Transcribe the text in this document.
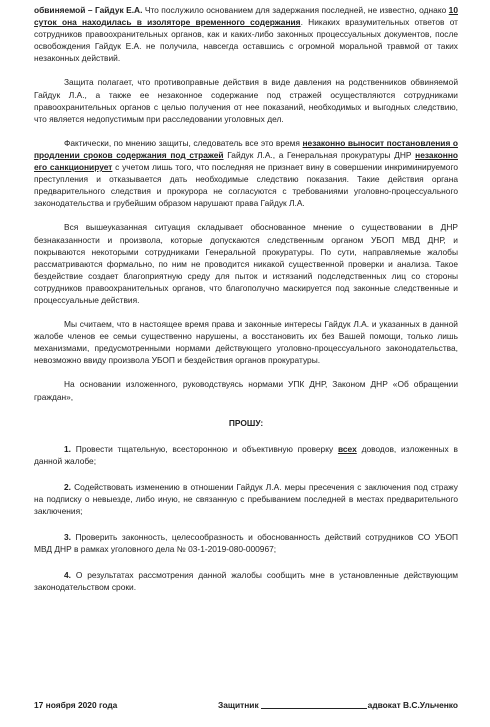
обвиняемой – Гайдук Е.А. Что послужило основанием для задержания последней, не известно, однако 10 суток она находилась в изоляторе временного содержания. Никаких вразумительных ответов от сотрудников правоохранительных органов, как и каких-либо законных процессуальных документов, после освобождения Гайдук Е.А. не получила, навсегда оставшись с огромной моральной травмой от таких незаконных действий.

Защита полагает, что противоправные действия в виде давления на родственников обвиняемой Гайдук Л.А., а также ее незаконное содержание под стражей осуществляются сотрудниками правоохранительных органов с целью получения от нее показаний, необходимых и выгодных следствию, что является недопустимым при расследовании уголовных дел.

Фактически, по мнению защиты, следователь все это время незаконно выносит постановления о продлении сроков содержания под стражей Гайдук Л.А., а Генеральная прокуратуры ДНР незаконно его санкционирует с учетом лишь того, что последняя не признает вину в совершении инкриминируемого преступления и отказывается дать необходимые следствию показания. Такие действия органа предварительного следствия и прокурора не согласуются с требованиями уголовно-процессуального законодательства и грубейшим образом нарушают права Гайдук Л.А.

Вся вышеуказанная ситуация складывает обоснованное мнение о существовании в ДНР безнаказанности и произвола, которые допускаются следственным органом УБОП МВД ДНР, и покрываются некоторыми сотрудниками Генеральной прокуратуры. По сути, направляемые жалобы рассматриваются формально, по ним не проводится никакой существенной проверки и анализа. Такое бездействие создает благоприятную среду для пыток и истязаний подследственных лиц со стороны сотрудников правоохранительных органов, что благополучно маскируется под законные следственные и процессуальные действия.

Мы считаем, что в настоящее время права и законные интересы Гайдук Л.А. и указанных в данной жалобе членов ее семьи существенно нарушены, а восстановить их без Вашей помощи, только лишь механизмами, предусмотренными нормами действующего уголовно-процессуального законодательства, невозможно ввиду произвола УБОП и бездействия органов прокуратуры.

На основании изложенного, руководствуясь нормами УПК ДНР, Законом ДНР «Об обращении граждан»,

ПРОШУ:

1. Провести тщательную, всесторонною и объективную проверку всех доводов, изложенных в данной жалобе;

2. Содействовать изменению в отношении Гайдук Л.А. меры пресечения с заключения под стражу на подписку о невыезде, либо иную, не связанную с пребыванием последней в местах предварительного заключения;

3. Проверить законность, целесообразность и обоснованность действий сотрудников СО УБОП МВД ДНР в рамках уголовного дела № 03-1-2019-080-000967;

4. О результатах рассмотрения данной жалобы сообщить мне в установленные действующим законодательством сроки.

17 ноября 2020 года	Защитник	адвокат В.С.Ульченко
